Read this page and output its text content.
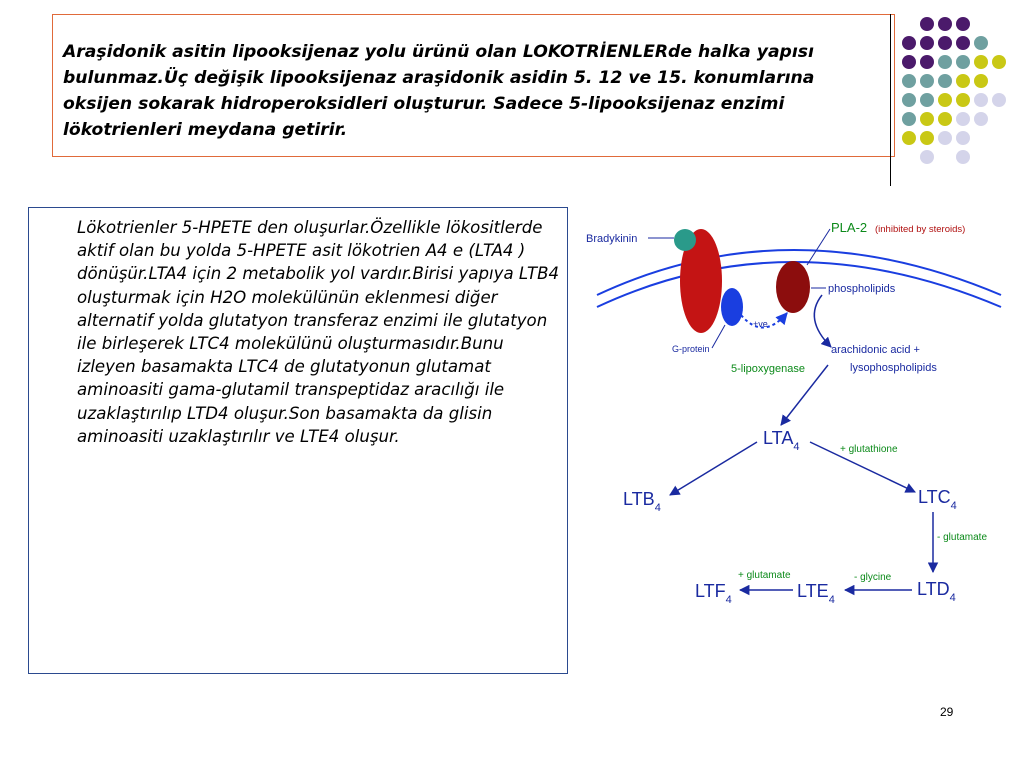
Araşidonik asitin lipooksijenaz yolu ürünü olan LOKOTRİENLERde halka yapısı bulunmaz.Üç değişik lipooksijenaz araşidonik asidin 5. 12 ve 15. konumlarına oksijen sokarak hidroperoksidleri oluşturur. Sadece 5-lipooksijenaz enzimi lökotrienleri meydana getirir.

Lökotrienler 5-HPETE den oluşurlar.Özellikle lökositlerde aktif olan bu yolda 5-HPETE asit lökotrien A4 e (LTA4 ) dönüşür.LTA4 için 2 metabolik yol vardır.Birisi yapıya LTB4 oluşturmak için H2O molekülünün eklenmesi diğer alternatif yolda glutatyon transferaz enzimi ile glutatyon ile birleşerek LTC4 molekülünü oluşturmasıdır.Bunu izleyen basamakta LTC4 de glutatyonun glutamat aminoasiti gama-glutamil transpeptidaz aracılığı ile uzaklaştırılıp LTD4 oluşur.Son basamakta da glisin aminoasiti uzaklaştırılır ve LTE4 oluşur.

Bradykinin
PLA-2 (inhibited by steroids)
phospholipids
+ve
G-protein
5-lipoxygenase
arachidonic acid +
lysophospholipids
$LTA_4$
$LTB_4$
$LTC_4$
$LTD_4$
$LTE_4$
$LTF_4$
+ glutathione
- glutamate
- glycine
+ glutamate
29
